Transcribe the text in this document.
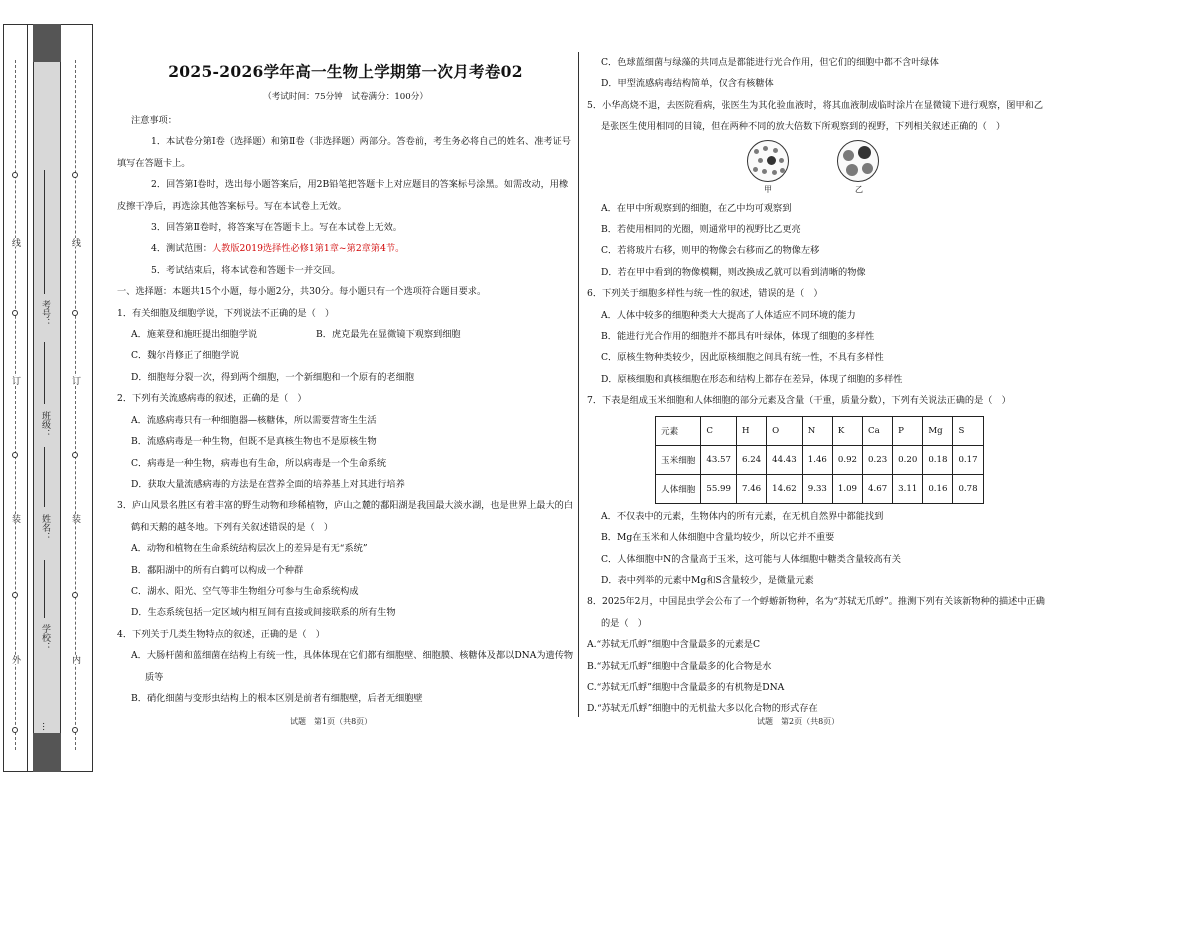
…
外
装
订
线
学校：
姓名：
班级：
考号：
内
装
订
线
2025-2026学年高一生物上学期第一次月考卷02
（考试时间：75分钟　试卷满分：100分）

注意事项：

1．本试卷分第Ⅰ卷（选择题）和第Ⅱ卷（非选择题）两部分。答卷前，考生务必将自己的姓名、准考证号填写在答题卡上。

2．回答第Ⅰ卷时，选出每小题答案后，用2B铅笔把答题卡上对应题目的答案标号涂黑。如需改动，用橡皮擦干净后，再选涂其他答案标号。写在本试卷上无效。

3．回答第Ⅱ卷时，将答案写在答题卡上。写在本试卷上无效。

4．测试范围：人教版2019选择性必修1第1章~第2章第4节。

5．考试结束后，将本试卷和答题卡一并交回。

一、选择题：本题共15个小题，每小题2分，共30分。每小题只有一个选项符合题目要求。

1．有关细胞及细胞学说，下列说法不正确的是（　）

A．施莱登和施旺提出细胞学说	B．虎克最先在显微镜下观察到细胞

C．魏尔肖修正了细胞学说

D．细胞每分裂一次，得到两个细胞，一个新细胞和一个原有的老细胞

2．下列有关流感病毒的叙述，正确的是（　）

A．流感病毒只有一种细胞器—核糖体，所以需要营寄生生活

B．流感病毒是一种生物，但既不是真核生物也不是原核生物

C．病毒是一种生物，病毒也有生命，所以病毒是一个生命系统

D．获取大量流感病毒的方法是在营养全面的培养基上对其进行培养

3．庐山风景名胜区有着丰富的野生动物和珍稀植物，庐山之麓的鄱阳湖是我国最大淡水湖，也是世界上最大的白鹤和天鹅的越冬地。下列有关叙述错误的是（　）

A．动物和植物在生命系统结构层次上的差异是有无“系统”

B．鄱阳湖中的所有白鹤可以构成一个种群

C．湖水、阳光、空气等非生物组分可参与生命系统构成

D．生态系统包括一定区域内相互间有直接或间接联系的所有生物

4．下列关于几类生物特点的叙述，正确的是（　）

A．大肠杆菌和蓝细菌在结构上有统一性，具体体现在它们都有细胞壁、细胞膜、核糖体及都以DNA为遗传物质等

B．硝化细菌与变形虫结构上的根本区别是前者有细胞壁，后者无细胞壁

C．色球蓝细菌与绿藻的共同点是都能进行光合作用，但它们的细胞中都不含叶绿体

D．甲型流感病毒结构简单，仅含有核糖体

5．小华高烧不退，去医院看病，张医生为其化验血液时，将其血液制成临时涂片在显微镜下进行观察，图甲和乙是张医生使用相同的目镜，但在两种不同的放大倍数下所观察到的视野，下列相关叙述正确的（　）

甲	乙

A．在甲中所观察到的细胞，在乙中均可观察到

B．若使用相同的光圈，则通常甲的视野比乙更亮

C．若将玻片右移，则甲的物像会右移而乙的物像左移

D．若在甲中看到的物像模糊，则改换成乙就可以看到清晰的物像

6．下列关于细胞多样性与统一性的叙述，错误的是（　）

A．人体中较多的细胞种类大大提高了人体适应不同环境的能力

B．能进行光合作用的细胞并不都具有叶绿体，体现了细胞的多样性

C．原核生物种类较少，因此原核细胞之间具有统一性，不具有多样性

D．原核细胞和真核细胞在形态和结构上都存在差异，体现了细胞的多样性

7．下表是组成玉米细胞和人体细胞的部分元素及含量（干重，质量分数），下列有关说法正确的是（　）

元素	C	H	O	N	K	Ca	P	Mg	S
玉米细胞	43.57	6.24	44.43	1.46	0.92	0.23	0.20	0.18	0.17
人体细胞	55.99	7.46	14.62	9.33	1.09	4.67	3.11	0.16	0.78

A．不仅表中的元素，生物体内的所有元素，在无机自然界中都能找到

B．Mg在玉米和人体细胞中含量均较少，所以它并不重要

C．人体细胞中N的含量高于玉米，这可能与人体细胞中糖类含量较高有关

D．表中列举的元素中Mg和S含量较少，是微量元素

8．2025年2月，中国昆虫学会公布了一个蜉蝣新物种，名为“苏轼无爪蜉”。推测下列有关该新物种的描述中正确的是（　）

A.“苏轼无爪蜉”细胞中含量最多的元素是C

B.“苏轼无爪蜉”细胞中含量最多的化合物是水

C.“苏轼无爪蜉”细胞中含量最多的有机物是DNA

D.“苏轼无爪蜉”细胞中的无机盐大多以化合物的形式存在

试题　第1页（共8页）	试题　第2页（共8页）
